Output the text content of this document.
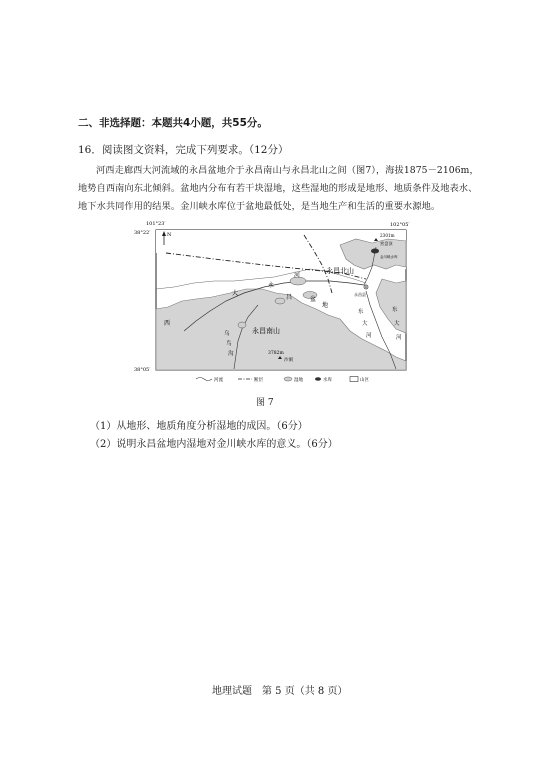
二、非选择题：本题共4小题，共55分。
16．阅读图文资料，完成下列要求。（12分）
河西走廊西大河流域的永昌盆地介于永昌南山与永昌北山之间（图7），海拔1875－2106m，
地势自西南向东北倾斜。盆地内分布有若干块湿地，这些湿地的形成是地形、地质条件及地表水、
地下水共同作用的结果。金川峡水库位于盆地最低处，是当地生产和生活的重要水源地。
101°23′	102°05′
38°22′
38°05′
N
永昌北山
永昌南山
永
昌	盆
地
大
河
西
乌
鸟
沟
东
大
河
东
大
河
金川峡水库
永昌县
2301m
营盘顶
3782m
沙洞
河流	断层	湿地	水库	山区
图 7
（1）从地形、地质角度分析湿地的成因。（6分）
（2）说明永昌盆地内湿地对金川峡水库的意义。（6分）
地理试题　第 5 页（共 8 页）
